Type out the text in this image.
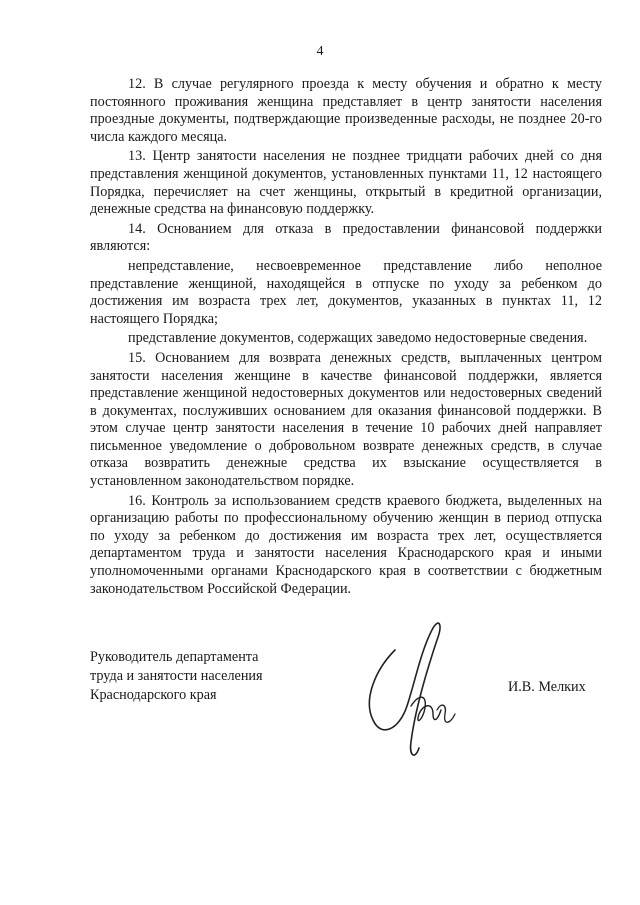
4

12. В случае регулярного проезда к месту обучения и обратно к месту постоянного проживания женщина представляет в центр занятости населения проездные документы, подтверждающие произведенные расходы, не позднее 20-го числа каждого месяца.

13. Центр занятости населения не позднее тридцати рабочих дней со дня представления женщиной документов, установленных пунктами 11, 12 настоящего Порядка, перечисляет на счет женщины, открытый в кредитной организации, денежные средства на финансовую поддержку.

14. Основанием для отказа в предоставлении финансовой поддержки являются:

непредставление, несвоевременное представление либо неполное представление женщиной, находящейся в отпуске по уходу за ребенком до достижения им возраста трех лет, документов, указанных в пунктах 11, 12 настоящего Порядка;

представление документов, содержащих заведомо недостоверные сведения.

15. Основанием для возврата денежных средств, выплаченных центром занятости населения женщине в качестве финансовой поддержки, является представление женщиной недостоверных документов или недостоверных сведений в документах, послуживших основанием для оказания финансовой поддержки. В этом случае центр занятости населения в течение 10 рабочих дней направляет письменное уведомление о добровольном возврате денежных средств, в случае отказа возвратить денежные средства их взыскание осуществляется в установленном законодательством порядке.

16. Контроль за использованием средств краевого бюджета, выделенных на организацию работы по профессиональному обучению женщин в период отпуска по уходу за ребенком до достижения им возраста трех лет, осуществляется департаментом труда и занятости населения Краснодарского края и иными уполномоченными органами Краснодарского края в соответствии с бюджетным законодательством Российской Федерации.

Руководитель департамента
труда и занятости населения
Краснодарского края	И.В. Мелких
